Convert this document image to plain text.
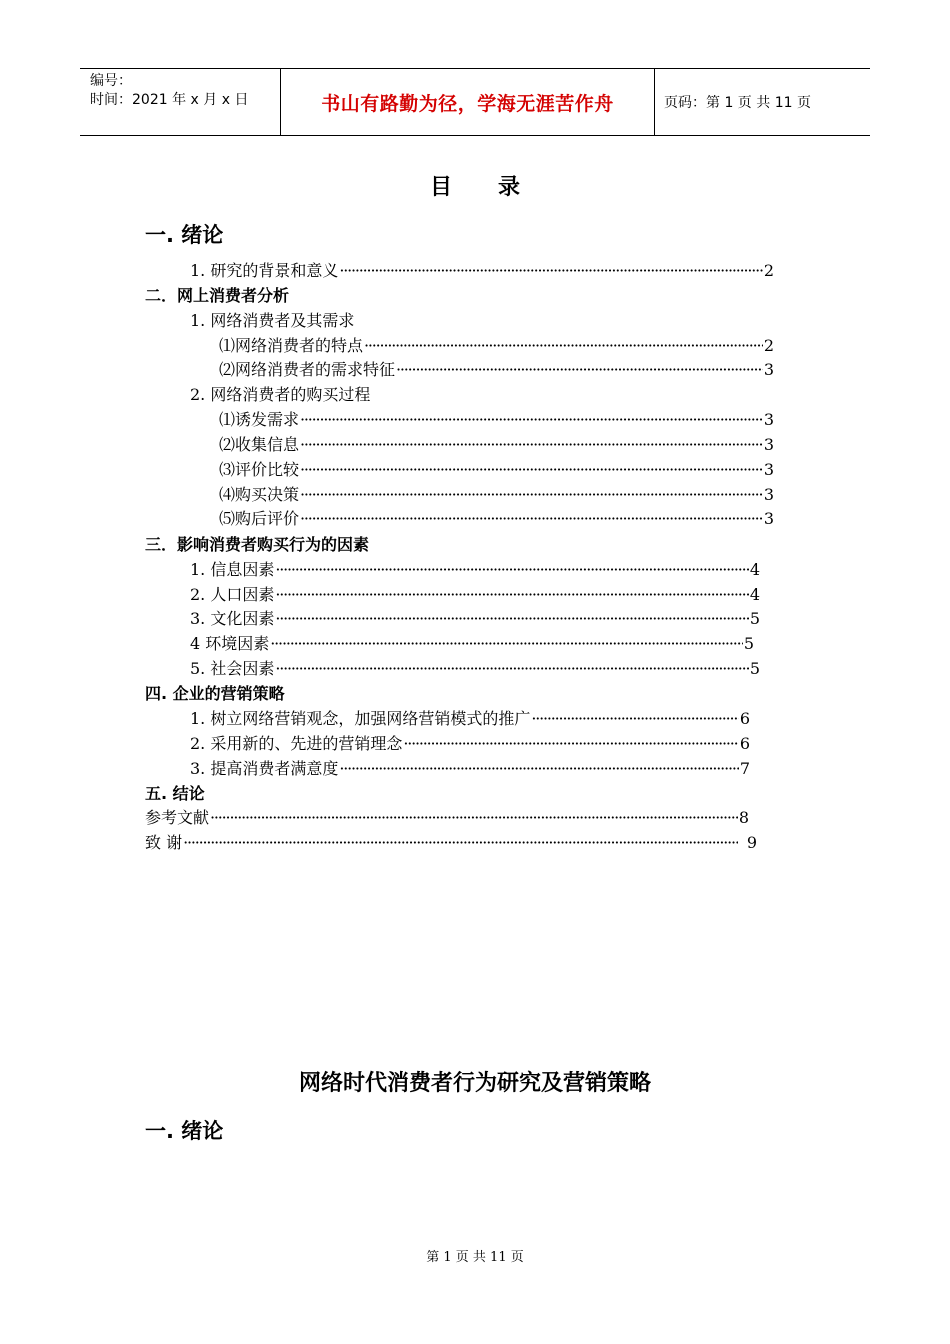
编号：
时间：2021 年 x 月 x 日	书山有路勤为径，学海无涯苦作舟	页码：第 1 页 共 11 页
目录
一. 绪论
1. 研究的背景和意义 ·····	2
二．网上消费者分析
1. 网络消费者及其需求
⑴网络消费者的特点 ·····	2
⑵网络消费者的需求特征 ·····	3
2. 网络消费者的购买过程
⑴诱发需求 ·····	3
⑵收集信息 ·····	3
⑶评价比较 ·····	3
⑷购买决策 ·····	3
⑸购后评价 ·····	3
三．影响消费者购买行为的因素
1. 信息因素 ·····	4
2. 人口因素 ·····	4
3. 文化因素 ·····	5
4 环境因素 ·····	5
5. 社会因素 ·····	5
四. 企业的营销策略
1. 树立网络营销观念，加强网络营销模式的推广 ·····	6
2. 采用新的、先进的营销理念 ·····	6
3. 提高消费者满意度 ·····	7
五. 结论
参考文献 ·····	8
致 谢 ·····	9
网络时代消费者行为研究及营销策略
一. 绪论
第 1 页 共 11 页
